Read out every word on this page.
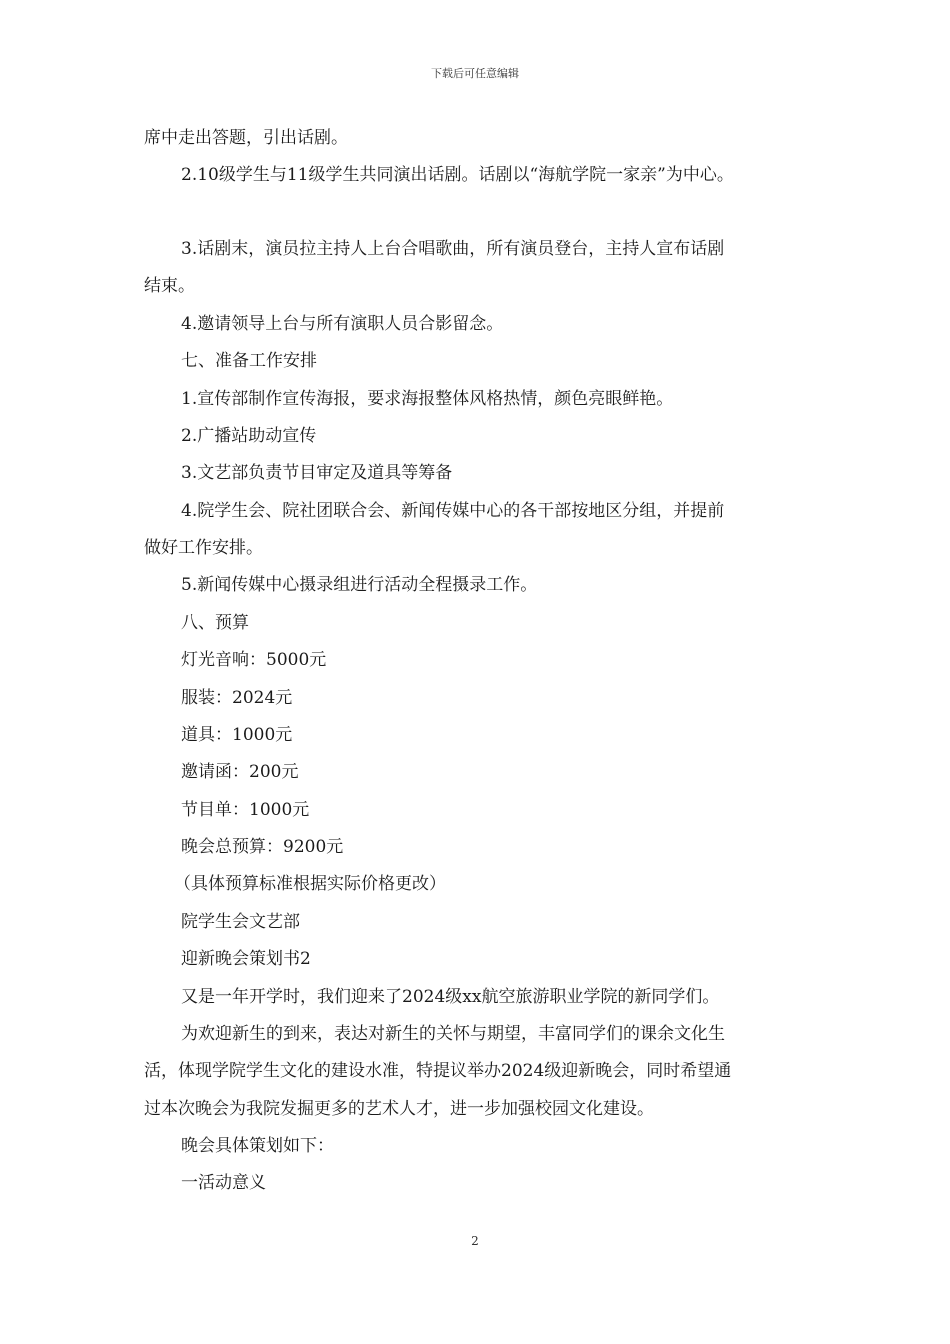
下载后可任意编辑
席中走出答题，引出话剧。
2.10级学生与11级学生共同演出话剧。话剧以“海航学院一家亲”为中心。
3.话剧末，演员拉主持人上台合唱歌曲，所有演员登台，主持人宣布话剧
结束。
4.邀请领导上台与所有演职人员合影留念。
七、准备工作安排
1.宣传部制作宣传海报，要求海报整体风格热情，颜色亮眼鲜艳。
2.广播站助动宣传
3.文艺部负责节目审定及道具等筹备
4.院学生会、院社团联合会、新闻传媒中心的各干部按地区分组，并提前
做好工作安排。
5.新闻传媒中心摄录组进行活动全程摄录工作。
八、预算
灯光音响：5000元
服装：2024元
道具：1000元
邀请函：200元
节目单：1000元
晚会总预算：9200元
（具体预算标准根据实际价格更改）
院学生会文艺部
迎新晚会策划书2
又是一年开学时，我们迎来了2024级xx航空旅游职业学院的新同学们。
为欢迎新生的到来，表达对新生的关怀与期望，丰富同学们的课余文化生
活，体现学院学生文化的建设水准，特提议举办2024级迎新晚会，同时希望通
过本次晚会为我院发掘更多的艺术人才，进一步加强校园文化建设。
晚会具体策划如下：
一活动意义
2
